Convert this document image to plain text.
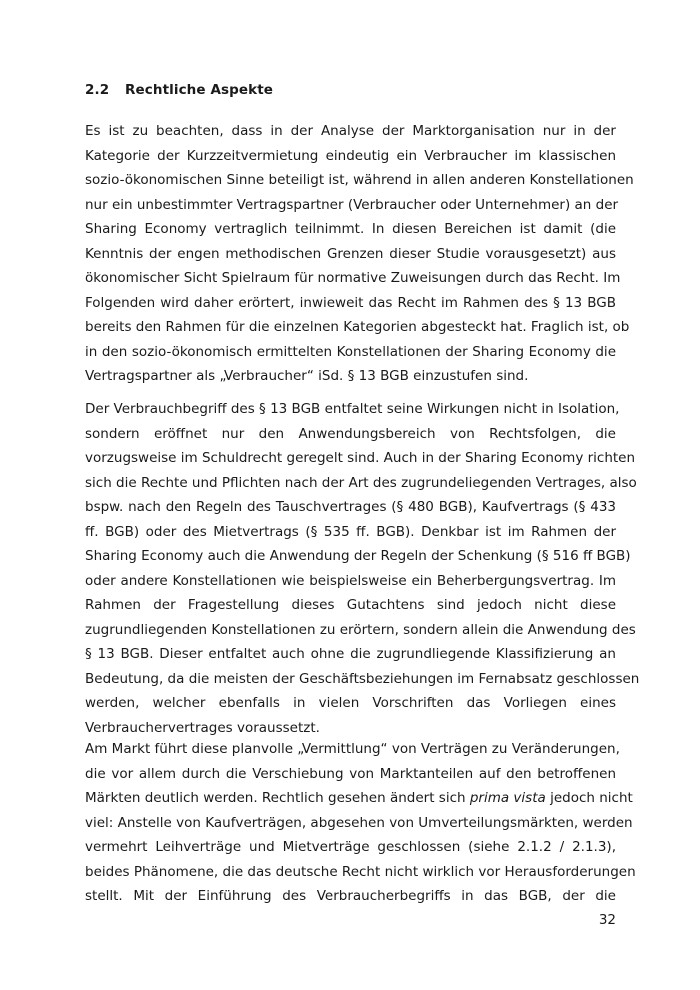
2.2 Rechtliche Aspekte
Es ist zu beachten, dass in der Analyse der Marktorganisation nur in der
Kategorie der Kurzzeitvermietung eindeutig ein Verbraucher im klassischen
sozio-ökonomischen Sinne beteiligt ist, während in allen anderen Konstellationen
nur ein unbestimmter Vertragspartner (Verbraucher oder Unternehmer) an der
Sharing Economy vertraglich teilnimmt. In diesen Bereichen ist damit (die
Kenntnis der engen methodischen Grenzen dieser Studie vorausgesetzt) aus
ökonomischer Sicht Spielraum für normative Zuweisungen durch das Recht. Im
Folgenden wird daher erörtert, inwieweit das Recht im Rahmen des § 13 BGB
bereits den Rahmen für die einzelnen Kategorien abgesteckt hat. Fraglich ist, ob
in den sozio-ökonomisch ermittelten Konstellationen der Sharing Economy die
Vertragspartner als „Verbraucher“ iSd. § 13 BGB einzustufen sind.
Der Verbrauchbegriff des § 13 BGB entfaltet seine Wirkungen nicht in Isolation,
sondern eröffnet nur den Anwendungsbereich von Rechtsfolgen, die
vorzugsweise im Schuldrecht geregelt sind. Auch in der Sharing Economy richten
sich die Rechte und Pflichten nach der Art des zugrundeliegenden Vertrages, also
bspw. nach den Regeln des Tauschvertrages (§ 480 BGB), Kaufvertrags (§ 433
ff. BGB) oder des Mietvertrags (§ 535 ff. BGB). Denkbar ist im Rahmen der
Sharing Economy auch die Anwendung der Regeln der Schenkung (§ 516 ff BGB)
oder andere Konstellationen wie beispielsweise ein Beherbergungsvertrag. Im
Rahmen der Fragestellung dieses Gutachtens sind jedoch nicht diese
zugrundliegenden Konstellationen zu erörtern, sondern allein die Anwendung des
§ 13 BGB. Dieser entfaltet auch ohne die zugrundliegende Klassifizierung an
Bedeutung, da die meisten der Geschäftsbeziehungen im Fernabsatz geschlossen
werden, welcher ebenfalls in vielen Vorschriften das Vorliegen eines
Verbrauchervertrages voraussetzt.
Am Markt führt diese planvolle „Vermittlung“ von Verträgen zu Veränderungen,
die vor allem durch die Verschiebung von Marktanteilen auf den betroffenen
Märkten deutlich werden. Rechtlich gesehen ändert sich prima vista jedoch nicht
viel: Anstelle von Kaufverträgen, abgesehen von Umverteilungsmärkten, werden
vermehrt Leihverträge und Mietverträge geschlossen (siehe 2.1.2 / 2.1.3),
beides Phänomene, die das deutsche Recht nicht wirklich vor Herausforderungen
stellt. Mit der Einführung des Verbraucherbegriffs in das BGB, der die
32
